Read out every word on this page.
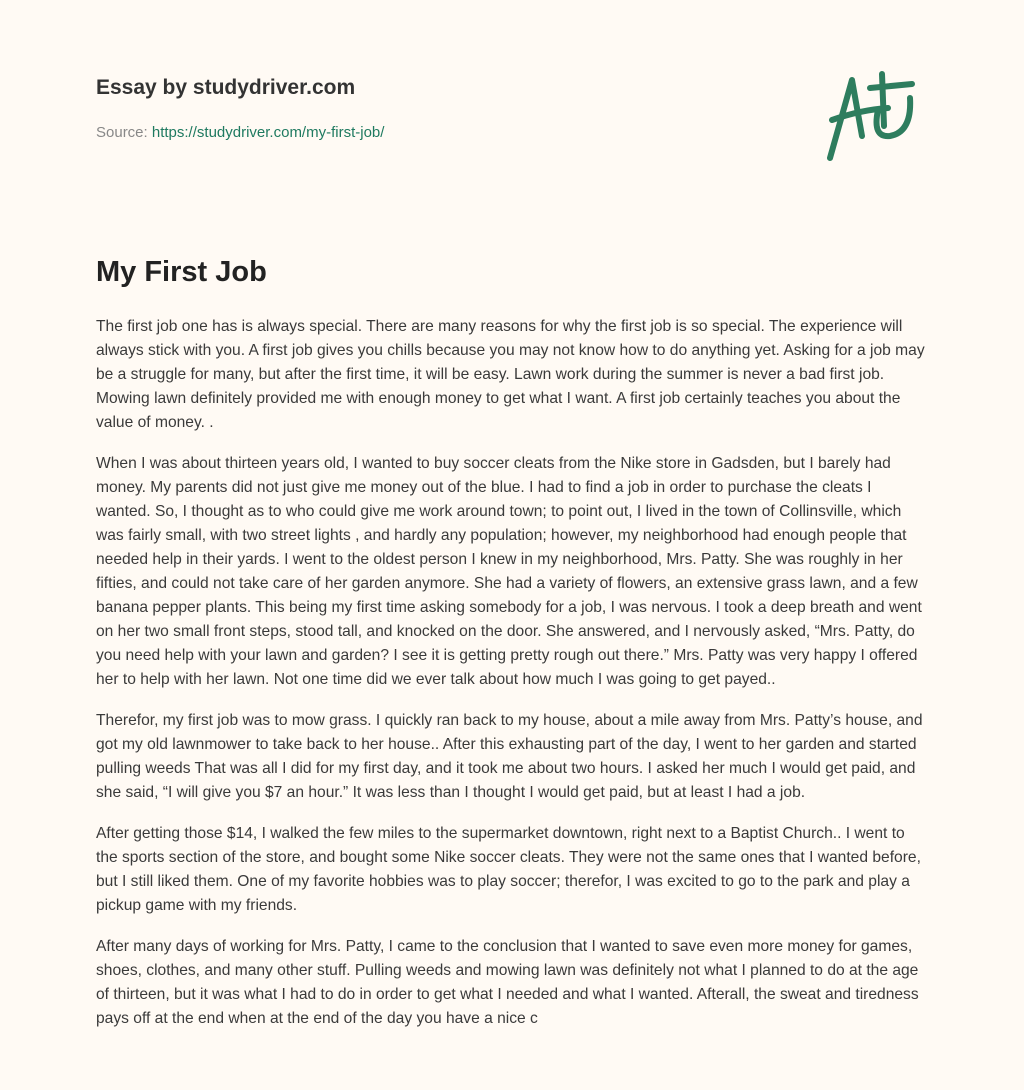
Essay by studydriver.com
Source: https://studydriver.com/my-first-job/
My First Job

The first job one has is always special. There are many reasons for why the first job is so special. The experience will always stick with you. A first job gives you chills because you may not know how to do anything yet. Asking for a job may be a struggle for many, but after the first time, it will be easy. Lawn work during the summer is never a bad first job. Mowing lawn definitely provided me with enough money to get what I want. A first job certainly teaches you about the value of money. .

When I was about thirteen years old, I wanted to buy soccer cleats from the Nike store in Gadsden, but I barely had money. My parents did not just give me money out of the blue. I had to find a job in order to purchase the cleats I wanted. So, I thought as to who could give me work around town; to point out, I lived in the town of Collinsville, which was fairly small, with two street lights , and hardly any population; however, my neighborhood had enough people that needed help in their yards. I went to the oldest person I knew in my neighborhood, Mrs. Patty. She was roughly in her fifties, and could not take care of her garden anymore. She had a variety of flowers, an extensive grass lawn, and a few banana pepper plants. This being my first time asking somebody for a job, I was nervous. I took a deep breath and went on her two small front steps, stood tall, and knocked on the door. She answered, and I nervously asked, “Mrs. Patty, do you need help with your lawn and garden? I see it is getting pretty rough out there.” Mrs. Patty was very happy I offered her to help with her lawn. Not one time did we ever talk about how much I was going to get payed..

Therefor, my first job was to mow grass. I quickly ran back to my house, about a mile away from Mrs. Patty’s house, and got my old lawnmower to take back to her house.. After this exhausting part of the day, I went to her garden and started pulling weeds That was all I did for my first day, and it took me about two hours. I asked her much I would get paid, and she said, “I will give you $7 an hour.” It was less than I thought I would get paid, but at least I had a job.

After getting those $14, I walked the few miles to the supermarket downtown, right next to a Baptist Church.. I went to the sports section of the store, and bought some Nike soccer cleats. They were not the same ones that I wanted before, but I still liked them. One of my favorite hobbies was to play soccer; therefor, I was excited to go to the park and play a pickup game with my friends.

After many days of working for Mrs. Patty, I came to the conclusion that I wanted to save even more money for games, shoes, clothes, and many other stuff. Pulling weeds and mowing lawn was definitely not what I planned to do at the age of thirteen, but it was what I had to do in order to get what I needed and what I wanted. Afterall, the sweat and tiredness pays off at the end when at the end of the day you have a nice c
